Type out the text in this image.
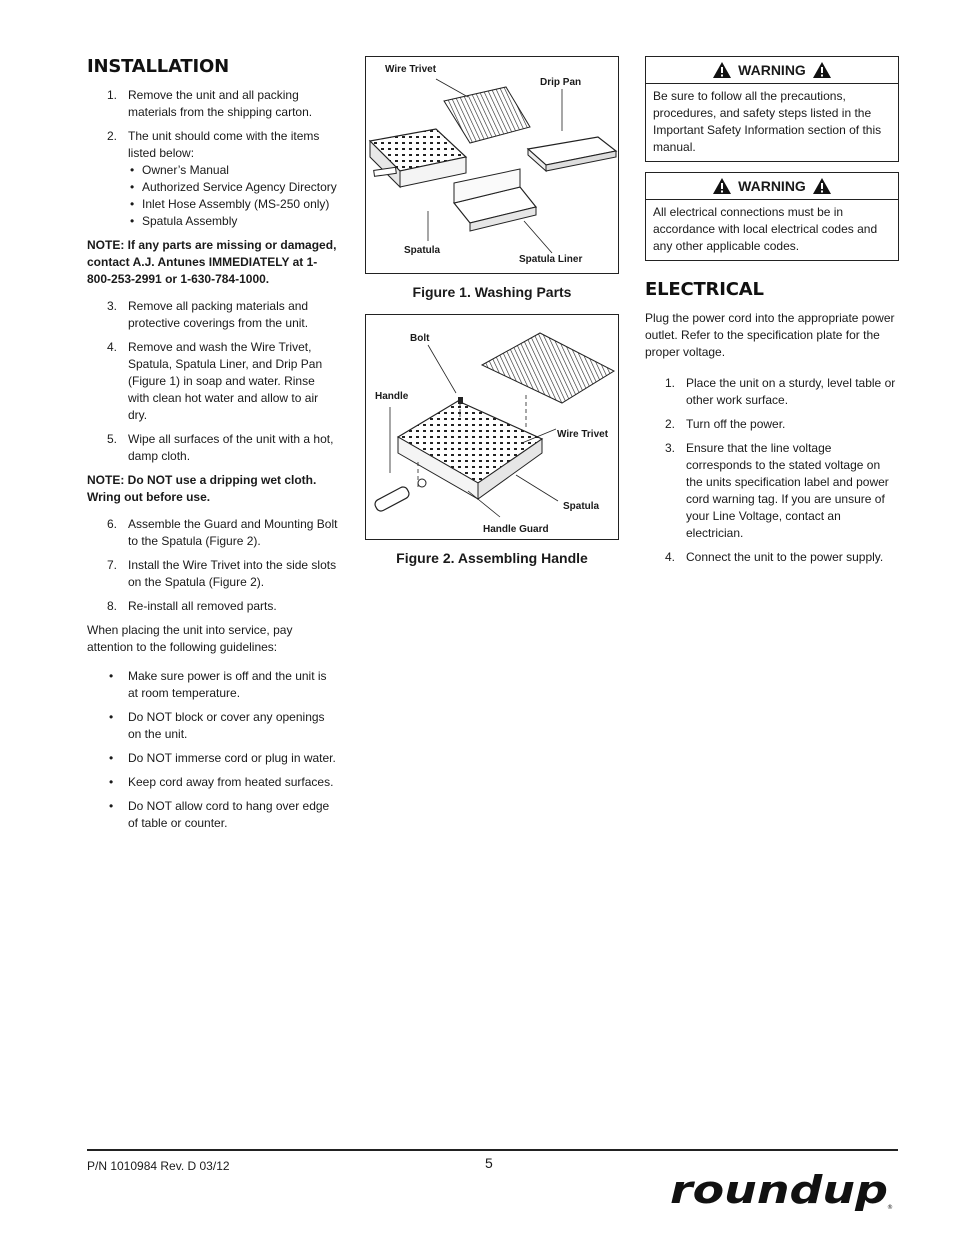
INSTALLATION
1. Remove the unit and all packing materials from the shipping carton.
2. The unit should come with the items listed below:
• Owner’s Manual
• Authorized Service Agency Directory
• Inlet Hose Assembly (MS-250 only)
• Spatula Assembly

NOTE: If any parts are missing or damaged, contact A.J. Antunes IMMEDIATELY at 1-800-253-2991 or 1-630-784-1000.

3. Remove all packing materials and protective coverings from the unit.
4. Remove and wash the Wire Trivet, Spatula, Spatula Liner, and Drip Pan (Figure 1) in soap and water. Rinse with clean hot water and allow to air dry.
5. Wipe all surfaces of the unit with a hot, damp cloth.

NOTE: Do NOT use a dripping wet cloth. Wring out before use.

6. Assemble the Guard and Mounting Bolt to the Spatula (Figure 2).
7. Install the Wire Trivet into the side slots on the Spatula (Figure 2).
8. Re-install all removed parts.

When placing the unit into service, pay attention to the following guidelines:

• Make sure power is off and the unit is at room temperature.
• Do NOT block or cover any openings on the unit.
• Do NOT immerse cord or plug in water.
• Keep cord away from heated surfaces.
• Do NOT allow cord to hang over edge of table or counter.
Wire Trivet
Drip Pan
Spatula
Spatula Liner
Figure 1. Washing Parts
Bolt
Handle
Wire Trivet
Spatula
Handle Guard
Figure 2. Assembling Handle
WARNING
Be sure to follow all the precautions, procedures, and safety steps listed in the Important Safety Information section of this manual.
WARNING
All electrical connections must be in accordance with local electrical codes and any other applicable codes.
ELECTRICAL

Plug the power cord into the appropriate power outlet. Refer to the specification plate for the proper voltage.

1. Place the unit on a sturdy, level table or other work surface.
2. Turn off the power.
3. Ensure that the line voltage corresponds to the stated voltage on the units specification label and power cord warning tag. If you are unsure of your Line Voltage, contact an electrician.
4. Connect the unit to the power supply.
P/N 1010984 Rev. D 03/12	5
roundup ®
